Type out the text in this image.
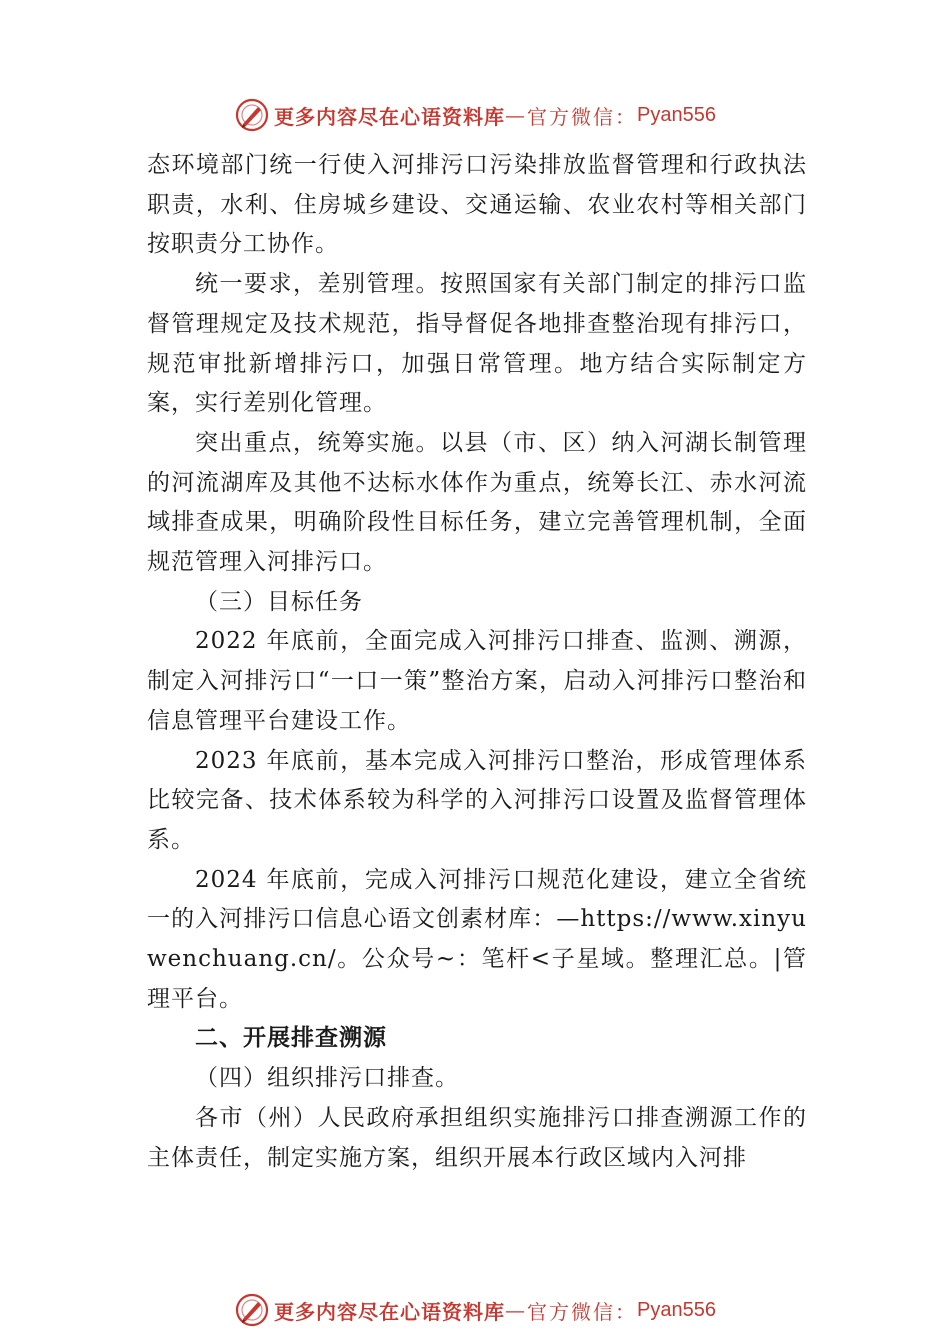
更多内容尽在心语资料库 — 官方微信： Pyan556

态环境部门统一行使入河排污口污染排放监督管理和行政执法职责，水利、住房城乡建设、交通运输、农业农村等相关部门按职责分工协作。

统一要求，差别管理。按照国家有关部门制定的排污口监督管理规定及技术规范，指导督促各地排查整治现有排污口，规范审批新增排污口，加强日常管理。地方结合实际制定方案，实行差别化管理。

突出重点，统筹实施。以县（市、区）纳入河湖长制管理的河流湖库及其他不达标水体作为重点，统筹长江、赤水河流域排查成果，明确阶段性目标任务，建立完善管理机制，全面规范管理入河排污口。

（三）目标任务

2022 年底前，全面完成入河排污口排查、监测、溯源，制定入河排污口“一口一策”整治方案，启动入河排污口整治和信息管理平台建设工作。

2023 年底前，基本完成入河排污口整治，形成管理体系比较完备、技术体系较为科学的入河排污口设置及监督管理体系。

2024 年底前，完成入河排污口规范化建设，建立全省统一的入河排污口信息心语文创素材库：—https://www.xinyuwenchuang.cn/。公众号~：笔杆<子星域。整理汇总。|管理平台。

二、开展排查溯源

（四）组织排污口排查。

各市（州）人民政府承担组织实施排污口排查溯源工作的主体责任，制定实施方案，组织开展本行政区域内入河排

更多内容尽在心语资料库 — 官方微信： Pyan556
